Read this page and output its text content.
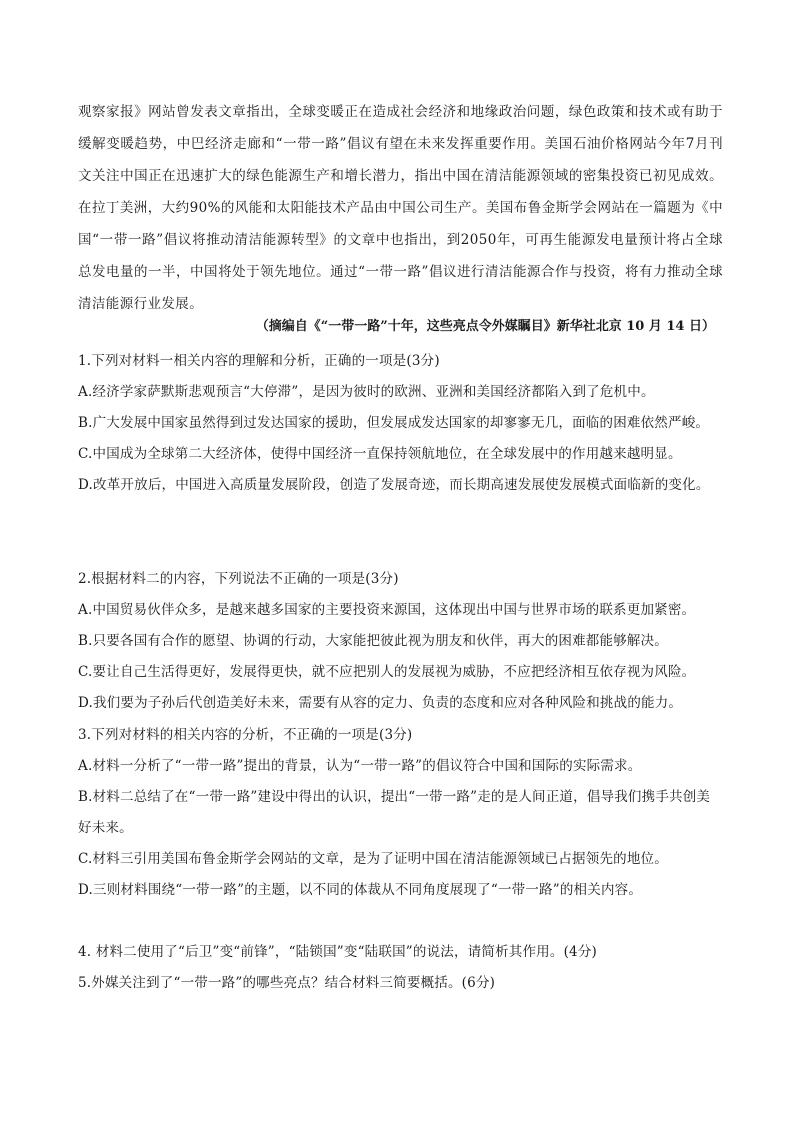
观察家报》网站曾发表文章指出，全球变暖正在造成社会经济和地缘政治问题，绿色政策和技术或有助于缓解变暖趋势，中巴经济走廊和“一带一路”倡议有望在未来发挥重要作用。美国石油价格网站今年7月刊文关注中国正在迅速扩大的绿色能源生产和增长潜力，指出中国在清洁能源领域的密集投资已初见成效。在拉丁美洲，大约90%的风能和太阳能技术产品由中国公司生产。美国布鲁金斯学会网站在一篇题为《中国“一带一路”倡议将推动清洁能源转型》的文章中也指出，到2050年，可再生能源发电量预计将占全球总发电量的一半，中国将处于领先地位。通过“一带一路”倡议进行清洁能源合作与投资，将有力推动全球清洁能源行业发展。
（摘编自《“一带一路”十年，这些亮点令外媒瞩目》新华社北京 10 月 14 日）
1.下列对材料一相关内容的理解和分析，正确的一项是(3分)
A.经济学家萨默斯悲观预言“大停滞”，是因为彼时的欧洲、亚洲和美国经济都陷入到了危机中。
B.广大发展中国家虽然得到过发达国家的援助，但发展成发达国家的却寥寥无几，面临的困难依然严峻。
C.中国成为全球第二大经济体，使得中国经济一直保持领航地位，在全球发展中的作用越来越明显。
D.改革开放后，中国进入高质量发展阶段，创造了发展奇迹，而长期高速发展使发展模式面临新的变化。
2.根据材料二的内容，下列说法不正确的一项是(3分)
A.中国贸易伙伴众多，是越来越多国家的主要投资来源国，这体现出中国与世界市场的联系更加紧密。
B.只要各国有合作的愿望、协调的行动，大家能把彼此视为朋友和伙伴，再大的困难都能够解决。
C.要让自己生活得更好，发展得更快，就不应把别人的发展视为威胁，不应把经济相互依存视为风险。
D.我们要为子孙后代创造美好未来，需要有从容的定力、负责的态度和应对各种风险和挑战的能力。
3.下列对材料的相关内容的分析，不正确的一项是(3分)
A.材料一分析了“一带一路”提出的背景，认为“一带一路”的倡议符合中国和国际的实际需求。
B.材料二总结了在“一带一路”建设中得出的认识，提出“一带一路”走的是人间正道，倡导我们携手共创美好未来。
C.材料三引用美国布鲁金斯学会网站的文章，是为了证明中国在清洁能源领域已占据领先的地位。
D.三则材料围绕“一带一路”的主题，以不同的体裁从不同角度展现了“一带一路”的相关内容。
4. 材料二使用了“后卫”变“前锋”，“陆锁国”变“陆联国”的说法，请简析其作用。(4分)
5.外媒关注到了“一带一路”的哪些亮点？结合材料三简要概括。(6分)
